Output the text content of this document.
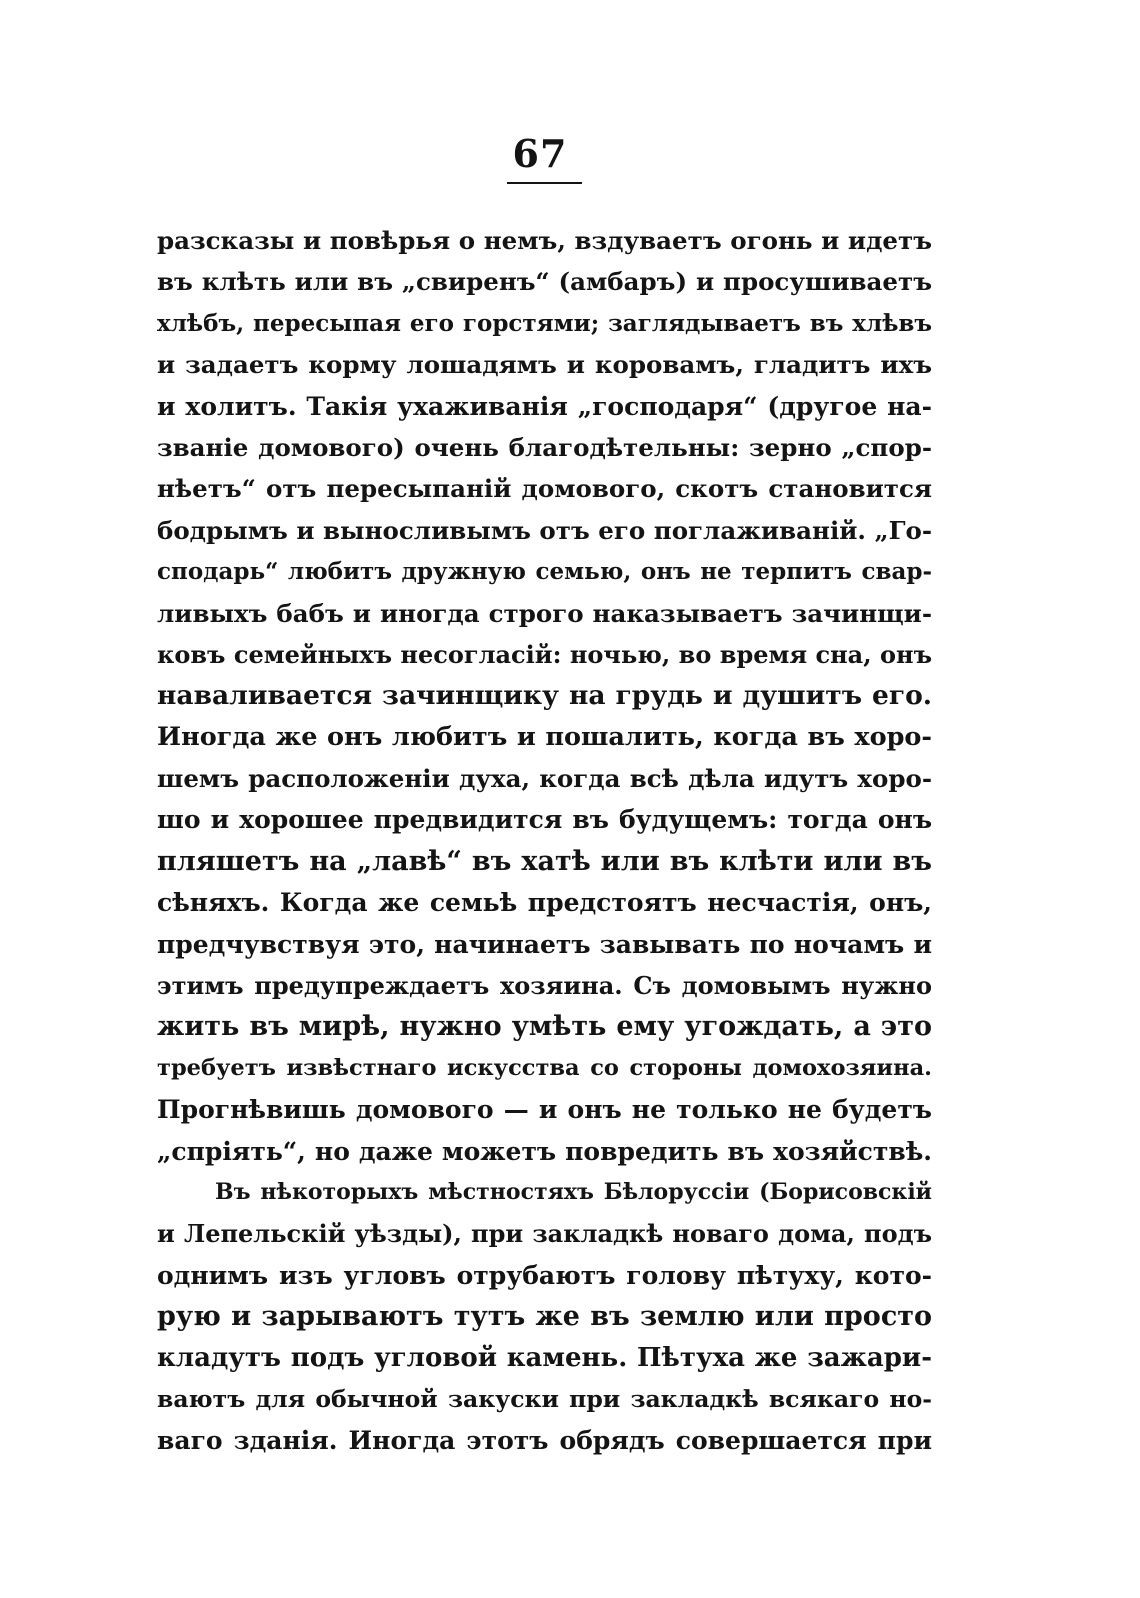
67
разсказы и повѣрья о немъ, вздуваетъ огонь и идетъ
въ клѣть или въ „свиренъ“ (амбаръ) и просушиваетъ
хлѣбъ, пересыпая его горстями; заглядываетъ въ хлѣвъ
и задаетъ корму лошадямъ и коровамъ, гладитъ ихъ
и холитъ. Такія ухаживанія „господаря“ (другое на-
званіе домового) очень благодѣтельны: зерно „спор-
нѣетъ“ отъ пересыпаній домового, скотъ становится
бодрымъ и выносливымъ отъ его поглаживаній. „Го-
сподарь“ любитъ дружную семью, онъ не терпитъ свар-
ливыхъ бабъ и иногда строго наказываетъ зачинщи-
ковъ семейныхъ несогласій: ночью, во время сна, онъ
наваливается зачинщику на грудь и душитъ его.
Иногда же онъ любитъ и пошалить, когда въ хоро-
шемъ расположеніи духа, когда всѣ дѣла идутъ хоро-
шо и хорошее предвидится въ будущемъ: тогда онъ
пляшетъ на „лавѣ“ въ хатѣ или въ клѣти или въ
сѣняхъ. Когда же семьѣ предстоятъ несчастія, онъ,
предчувствуя это, начинаетъ завывать по ночамъ и
этимъ предупреждаетъ хозяина. Съ домовымъ нужно
жить въ мирѣ, нужно умѣть ему угождать, а это
требуетъ извѣстнаго искусства со стороны домохозяина.
Прогнѣвишь домового — и онъ не только не будетъ
„спріять“, но даже можетъ повредить въ хозяйствѣ.
Въ нѣкоторыхъ мѣстностяхъ Бѣлоруссіи (Борисовскій
и Лепельскій уѣзды), при закладкѣ новаго дома, подъ
однимъ изъ угловъ отрубаютъ голову пѣтуху, кото-
рую и зарываютъ тутъ же въ землю или просто
кладутъ подъ угловой камень. Пѣтуха же зажари-
ваютъ для обычной закуски при закладкѣ всякаго но-
ваго зданія. Иногда этотъ обрядъ совершается при
